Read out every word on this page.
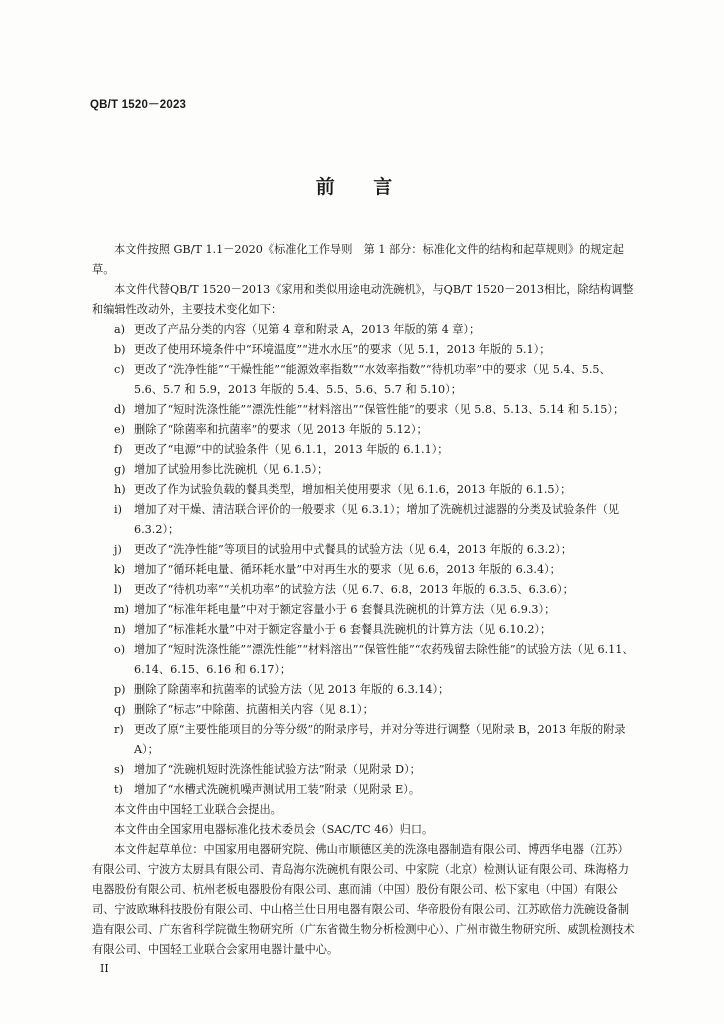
QB/T 1520－2023
前 言

本文件按照 GB/T 1.1－2020《标准化工作导则　第 1 部分：标准化文件的结构和起草规则》的规定起草。

本文件代替QB/T 1520－2013《家用和类似用途电动洗碗机》，与QB/T 1520－2013相比，除结构调整和编辑性改动外，主要技术变化如下：

a) 更改了产品分类的内容（见第 4 章和附录 A，2013 年版的第 4 章）；
b) 更改了使用环境条件中“环境温度”“进水水压”的要求（见 5.1，2013 年版的 5.1）；
c) 更改了“洗净性能”“干燥性能”“能源效率指数”“水效率指数”“待机功率”中的要求（见 5.4、5.5、5.6、5.7 和 5.9，2013 年版的 5.4、5.5、5.6、5.7 和 5.10）；
d) 增加了“短时洗涤性能”“漂洗性能”“材料溶出”“保管性能”的要求（见 5.8、5.13、5.14 和 5.15）；
e) 删除了“除菌率和抗菌率”的要求（见 2013 年版的 5.12）；
f)	更改了“电源”中的试验条件（见 6.1.1，2013 年版的 6.1.1）；
g) 增加了试验用参比洗碗机（见 6.1.5）；
h) 更改了作为试验负载的餐具类型，增加相关使用要求（见 6.1.6，2013 年版的 6.1.5）；
i)	增加了对干燥、清洁联合评价的一般要求（见 6.3.1）；增加了洗碗机过滤器的分类及试验条件（见 6.3.2）；
j)	更改了“洗净性能”等项目的试验用中式餐具的试验方法（见 6.4，2013 年版的 6.3.2）；
k) 增加了“循环耗电量、循环耗水量”中对再生水的要求（见 6.6，2013 年版的 6.3.4）；
l)	更改了“待机功率”“关机功率”的试验方法（见 6.7、6.8，2013 年版的 6.3.5、6.3.6）；
m) 增加了“标准年耗电量”中对于额定容量小于 6 套餐具洗碗机的计算方法（见 6.9.3）；
n) 增加了“标准耗水量”中对于额定容量小于 6 套餐具洗碗机的计算方法（见 6.10.2）；
o) 增加了“短时洗涤性能”“漂洗性能”“材料溶出”“保管性能”“农药残留去除性能”的试验方法（见 6.11、6.14、6.15、6.16 和 6.17）；
p) 删除了除菌率和抗菌率的试验方法（见 2013 年版的 6.3.14）；
q) 删除了“标志”中除菌、抗菌相关内容（见 8.1）；
r) 更改了原“主要性能项目的分等分级”的附录序号，并对分等进行调整（见附录 B，2013 年版的附录 A）；
s) 增加了“洗碗机短时洗涤性能试验方法”附录（见附录 D）；
t) 增加了“水槽式洗碗机噪声测试用工装”附录（见附录 E）。

本文件由中国轻工业联合会提出。

本文件由全国家用电器标准化技术委员会（SAC/TC 46）归口。

本文件起草单位：中国家用电器研究院、佛山市顺德区美的洗涤电器制造有限公司、博西华电器（江苏）有限公司、宁波方太厨具有限公司、青岛海尔洗碗机有限公司、中家院（北京）检测认证有限公司、珠海格力电器股份有限公司、杭州老板电器股份有限公司、惠而浦（中国）股份有限公司、松下家电（中国）有限公司、宁波欧琳科技股份有限公司、中山格兰仕日用电器有限公司、华帝股份有限公司、江苏欧倍力洗碗设备制造有限公司、广东省科学院微生物研究所（广东省微生物分析检测中心）、广州市微生物研究所、威凯检测技术有限公司、中国轻工业联合会家用电器计量中心。

II
